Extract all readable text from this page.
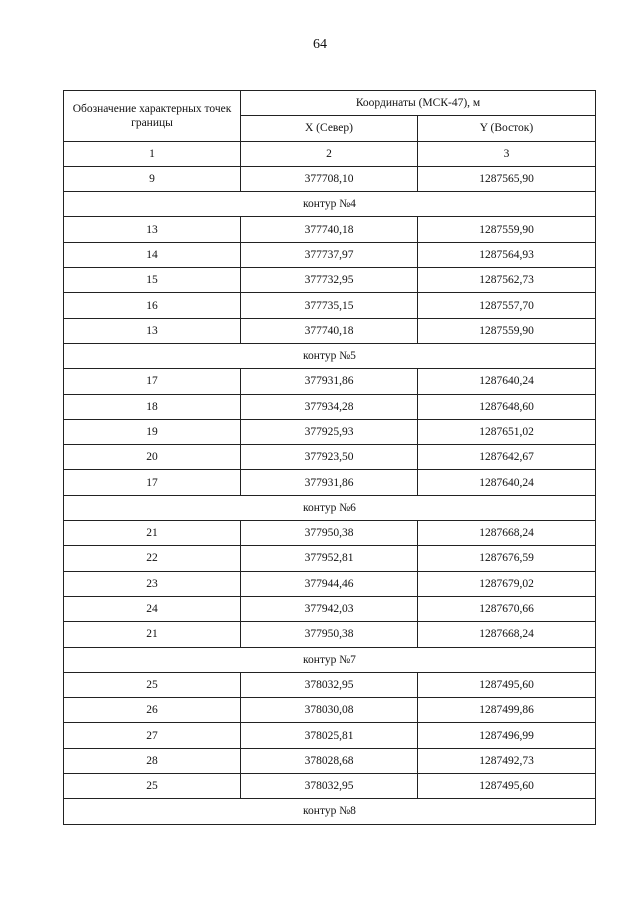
64
Обозначение характерных точек границы	Координаты (МСК-47), м	
	X (Север)	Y (Восток)
1	2	3
9	377708,10	1287565,90
контур №4		
13	377740,18	1287559,90
14	377737,97	1287564,93
15	377732,95	1287562,73
16	377735,15	1287557,70
13	377740,18	1287559,90
контур №5		
17	377931,86	1287640,24
18	377934,28	1287648,60
19	377925,93	1287651,02
20	377923,50	1287642,67
17	377931,86	1287640,24
контур №6		
21	377950,38	1287668,24
22	377952,81	1287676,59
23	377944,46	1287679,02
24	377942,03	1287670,66
21	377950,38	1287668,24
контур №7		
25	378032,95	1287495,60
26	378030,08	1287499,86
27	378025,81	1287496,99
28	378028,68	1287492,73
25	378032,95	1287495,60
контур №8		
